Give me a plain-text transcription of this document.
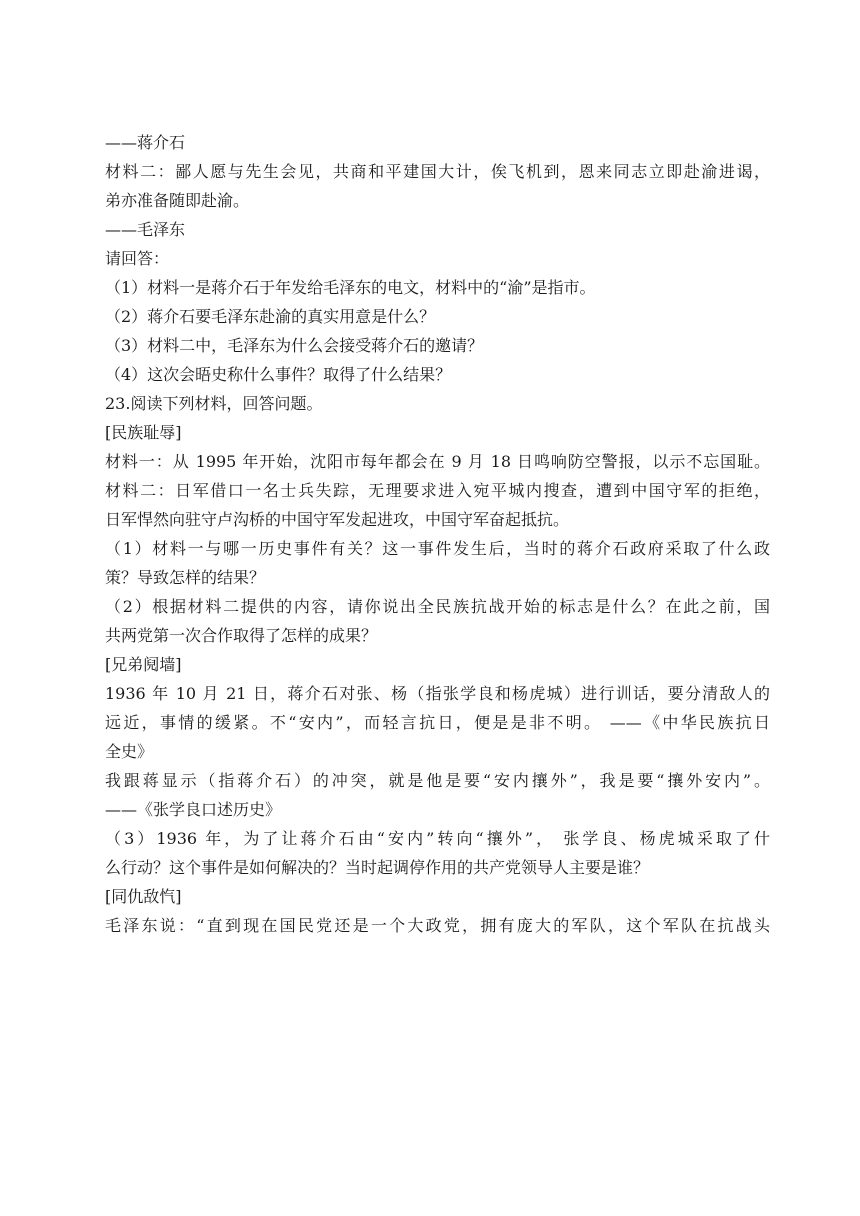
——蒋介石
材料二：鄙人愿与先生会见，共商和平建国大计，俟飞机到，恩来同志立即赴渝进谒，
弟亦准备随即赴渝。
——毛泽东
请回答：
（1）材料一是蒋介石于年发给毛泽东的电文，材料中的“渝”是指市。
（2）蒋介石要毛泽东赴渝的真实用意是什么？
（3）材料二中，毛泽东为什么会接受蒋介石的邀请？
（4）这次会晤史称什么事件？取得了什么结果？
23.阅读下列材料，回答问题。
[民族耻辱]
材料一：从 1995 年开始，沈阳市每年都会在 9 月 18 日鸣响防空警报，以示不忘国耻。
材料二：日军借口一名士兵失踪，无理要求进入宛平城内搜查，遭到中国守军的拒绝，
日军悍然向驻守卢沟桥的中国守军发起进攻，中国守军奋起抵抗。
（1）材料一与哪一历史事件有关？这一事件发生后，当时的蒋介石政府采取了什么政
策？导致怎样的结果？
（2）根据材料二提供的内容，请你说出全民族抗战开始的标志是什么？在此之前，国
共两党第一次合作取得了怎样的成果？
[兄弟阋墙]
1936 年 10 月 21 日，蒋介石对张、杨（指张学良和杨虎城）进行训话，要分清敌人的
远近，事情的缓紧。不“安内”，而轻言抗日，便是是非不明。 ——《中华民族抗日
全史》
我跟蒋显示（指蒋介石）的冲突，就是他是要“安内攘外”，我是要“攘外安内”。
——《张学良口述历史》
（3）1936 年，为了让蒋介石由“安内”转向“攘外”， 张学良、杨虎城采取了什
么行动？这个事件是如何解决的？当时起调停作用的共产党领导人主要是谁？
[同仇敌忾]
毛泽东说：“直到现在国民党还是一个大政党，拥有庞大的军队，这个军队在抗战头
